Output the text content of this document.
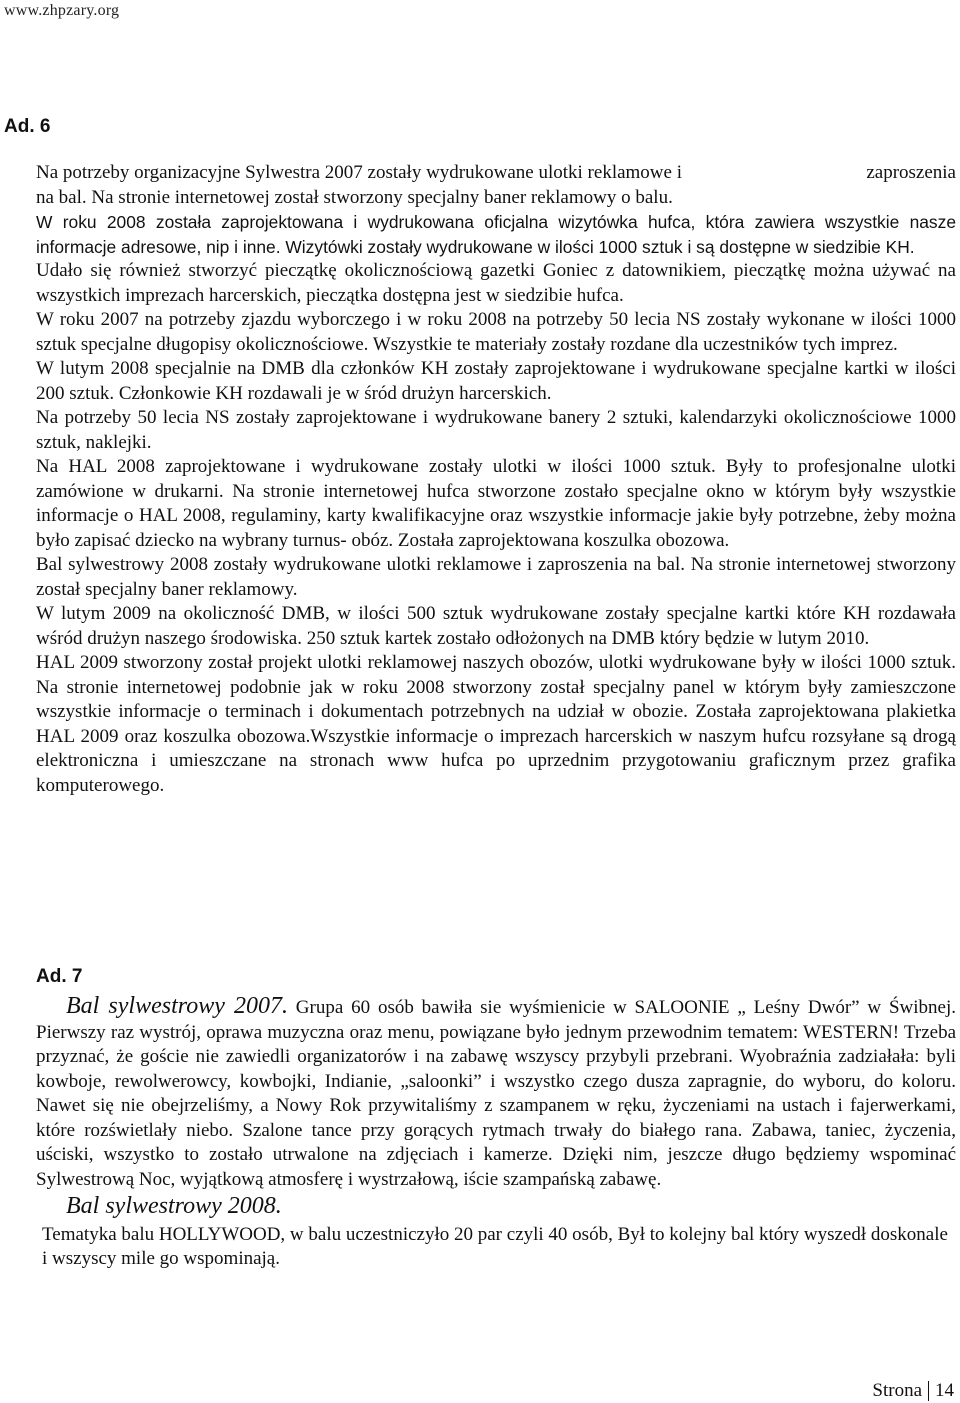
www.zhpzary.org
Ad. 6
Na potrzeby organizacyjne Sylwestra 2007 zostały wydrukowane ulotki reklamowe i	zaproszenia

na bal. Na stronie internetowej został stworzony specjalny baner reklamowy o balu.

W roku 2008 została zaprojektowana i wydrukowana oficjalna wizytówka hufca, która zawiera wszystkie nasze informacje adresowe, nip i inne. Wizytówki zostały wydrukowane w ilości 1000 sztuk i są dostępne w siedzibie KH.

Udało się również stworzyć pieczątkę okolicznościową gazetki Goniec z datownikiem, pieczątkę można używać na wszystkich imprezach harcerskich, pieczątka dostępna jest w siedzibie hufca.

W roku 2007 na potrzeby zjazdu wyborczego i w roku 2008 na potrzeby 50 lecia NS zostały wykonane w ilości 1000 sztuk specjalne długopisy okolicznościowe. Wszystkie te materiały zostały rozdane dla uczestników tych imprez.

W lutym 2008 specjalnie na DMB dla członków KH zostały zaprojektowane i wydrukowane specjalne kartki w ilości 200 sztuk. Członkowie KH rozdawali je w śród drużyn harcerskich.

Na potrzeby 50 lecia NS zostały zaprojektowane i wydrukowane banery 2 sztuki, kalendarzyki okolicznościowe 1000 sztuk, naklejki.

Na HAL 2008 zaprojektowane i wydrukowane zostały ulotki w ilości 1000 sztuk. Były to profesjonalne ulotki zamówione w drukarni. Na stronie internetowej hufca stworzone zostało specjalne okno w którym były wszystkie informacje o HAL 2008, regulaminy, karty kwalifikacyjne oraz wszystkie informacje jakie były potrzebne, żeby można było zapisać dziecko na wybrany turnus- obóz. Została zaprojektowana koszulka obozowa.

Bal sylwestrowy 2008 zostały wydrukowane ulotki reklamowe i zaproszenia na bal. Na stronie internetowej stworzony został specjalny baner reklamowy.

W lutym 2009 na okoliczność DMB, w ilości 500 sztuk wydrukowane zostały specjalne kartki które KH rozdawała wśród drużyn naszego środowiska. 250 sztuk kartek zostało odłożonych na DMB który będzie w lutym 2010.

HAL 2009 stworzony został projekt ulotki reklamowej naszych obozów, ulotki wydrukowane były w ilości 1000 sztuk. Na stronie internetowej podobnie jak w roku 2008 stworzony został specjalny panel w którym były zamieszczone wszystkie informacje o terminach i dokumentach potrzebnych na udział w obozie. Została zaprojektowana plakietka HAL 2009 oraz koszulka obozowa.Wszystkie informacje o imprezach harcerskich w naszym hufcu rozsyłane są drogą elektroniczna i umieszczane na stronach www hufca po uprzednim przygotowaniu graficznym przez grafika komputerowego.

Ad. 7

Bal sylwestrowy 2007. Grupa 60 osób bawiła sie wyśmienicie w SALOONIE „ Leśny Dwór” w Świbnej. Pierwszy raz wystrój, oprawa muzyczna oraz menu, powiązane było jednym przewodnim tematem: WESTERN! Trzeba przyznać, że goście nie zawiedli organizatorów i na zabawę wszyscy przybyli przebrani. Wyobraźnia zadziałała: byli kowboje, rewolwerowcy, kowbojki, Indianie, „saloonki” i wszystko czego dusza zapragnie, do wyboru, do koloru. Nawet się nie obejrzeliśmy, a Nowy Rok przywitaliśmy z szampanem w ręku, życzeniami na ustach i fajerwerkami, które rozświetlały niebo. Szalone tance przy gorących rytmach trwały do białego rana. Zabawa, taniec, życzenia, uściski, wszystko to zostało utrwalone na zdjęciach i kamerze. Dzięki nim, jeszcze długo będziemy wspominać Sylwestrową Noc, wyjątkową atmosferę i wystrzałową, iście szampańską zabawę.

Bal sylwestrowy 2008.

Tematyka balu HOLLYWOOD, w balu uczestniczyło 20 par czyli 40 osób, Był to kolejny bal który wyszedł doskonale i wszyscy mile go wspominają.

Strona 14
